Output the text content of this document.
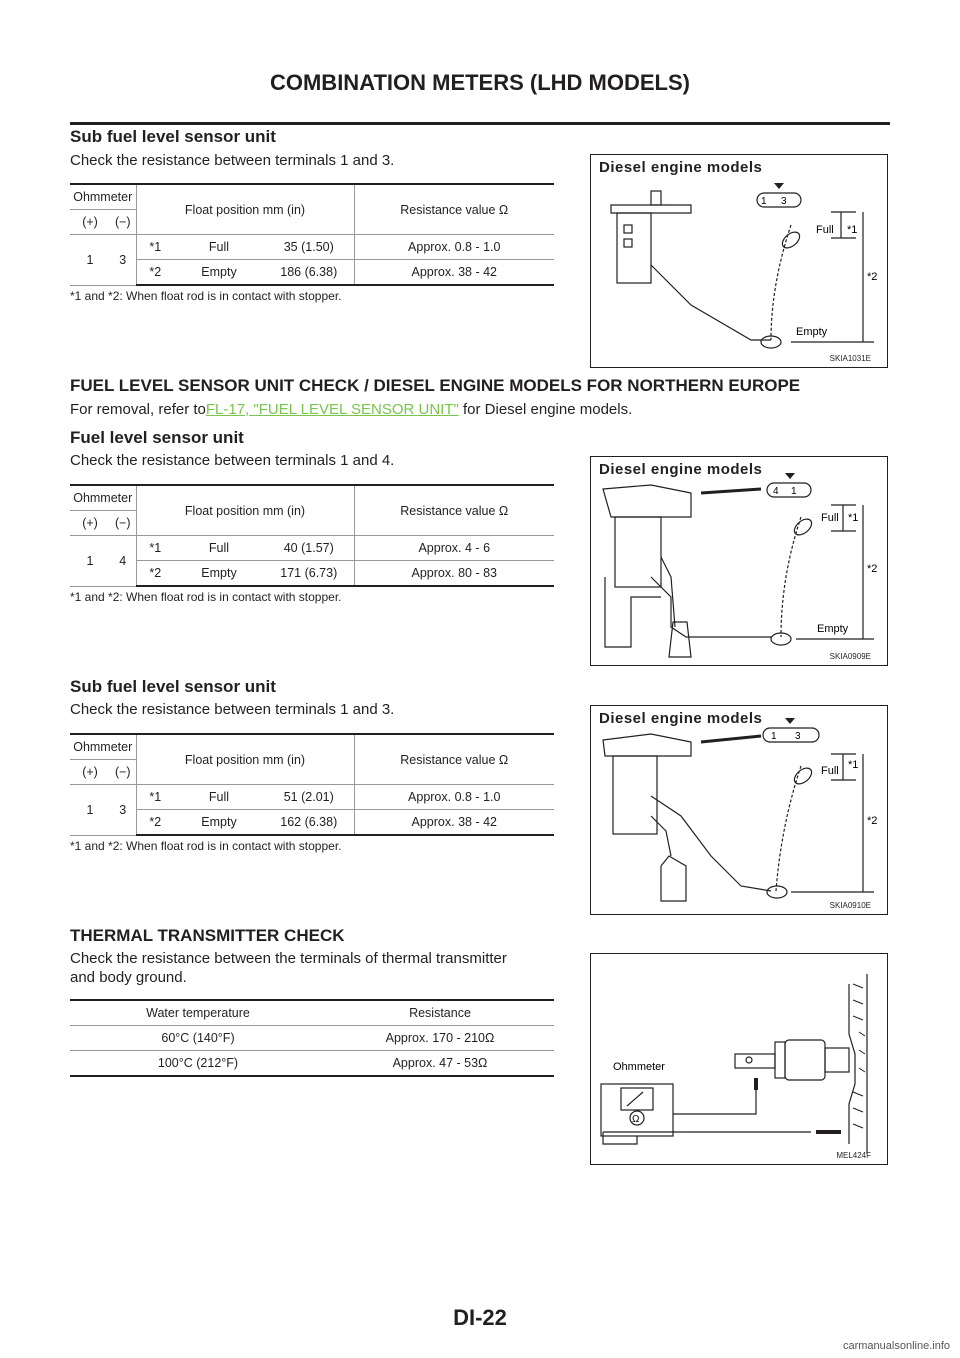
COMBINATION METERS (LHD MODELS)
Sub fuel level sensor unit
Check the resistance between terminals 1 and 3.
Ohmmeter		Float position mm (in)			Resistance value Ω
(+)	(−)				
1	3	*1	Full	35 (1.50)	Approx. 0.8 - 1.0
		*2	Empty	186 (6.38)	Approx. 38 - 42
*1 and *2: When float rod is in contact with stopper.
Diesel engine models
1 3
Full *1
*2
Empty
SKIA1031E
FUEL LEVEL SENSOR UNIT CHECK / DIESEL ENGINE MODELS FOR NORTHERN EUROPE
For removal, refer toFL-17, "FUEL LEVEL SENSOR UNIT" for Diesel engine models.
Fuel level sensor unit
Check the resistance between terminals 1 and 4.
Ohmmeter		Float position mm (in)			Resistance value Ω
(+)	(−)				
1	4	*1	Full	40 (1.57)	Approx. 4 - 6
		*2	Empty	171 (6.73)	Approx. 80 - 83
*1 and *2: When float rod is in contact with stopper.
Diesel engine models
4 1
Full *1
*2
Empty
SKIA0909E
Sub fuel level sensor unit
Check the resistance between terminals 1 and 3.
Ohmmeter		Float position mm (in)			Resistance value Ω
(+)	(−)				
1	3	*1	Full	51 (2.01)	Approx. 0.8 - 1.0
		*2	Empty	162 (6.38)	Approx. 38 - 42
*1 and *2: When float rod is in contact with stopper.
Diesel engine models
1 3
Full *1
*2
SKIA0910E
THERMAL TRANSMITTER CHECK
Check the resistance between the terminals of thermal transmitter
and body ground.
Water temperature	Resistance
60°C (140°F)	Approx. 170 - 210Ω
100°C (212°F)	Approx. 47 - 53Ω	Ohmmeter
Ω
MEL424F
DI-22
carmanualsonline.info
